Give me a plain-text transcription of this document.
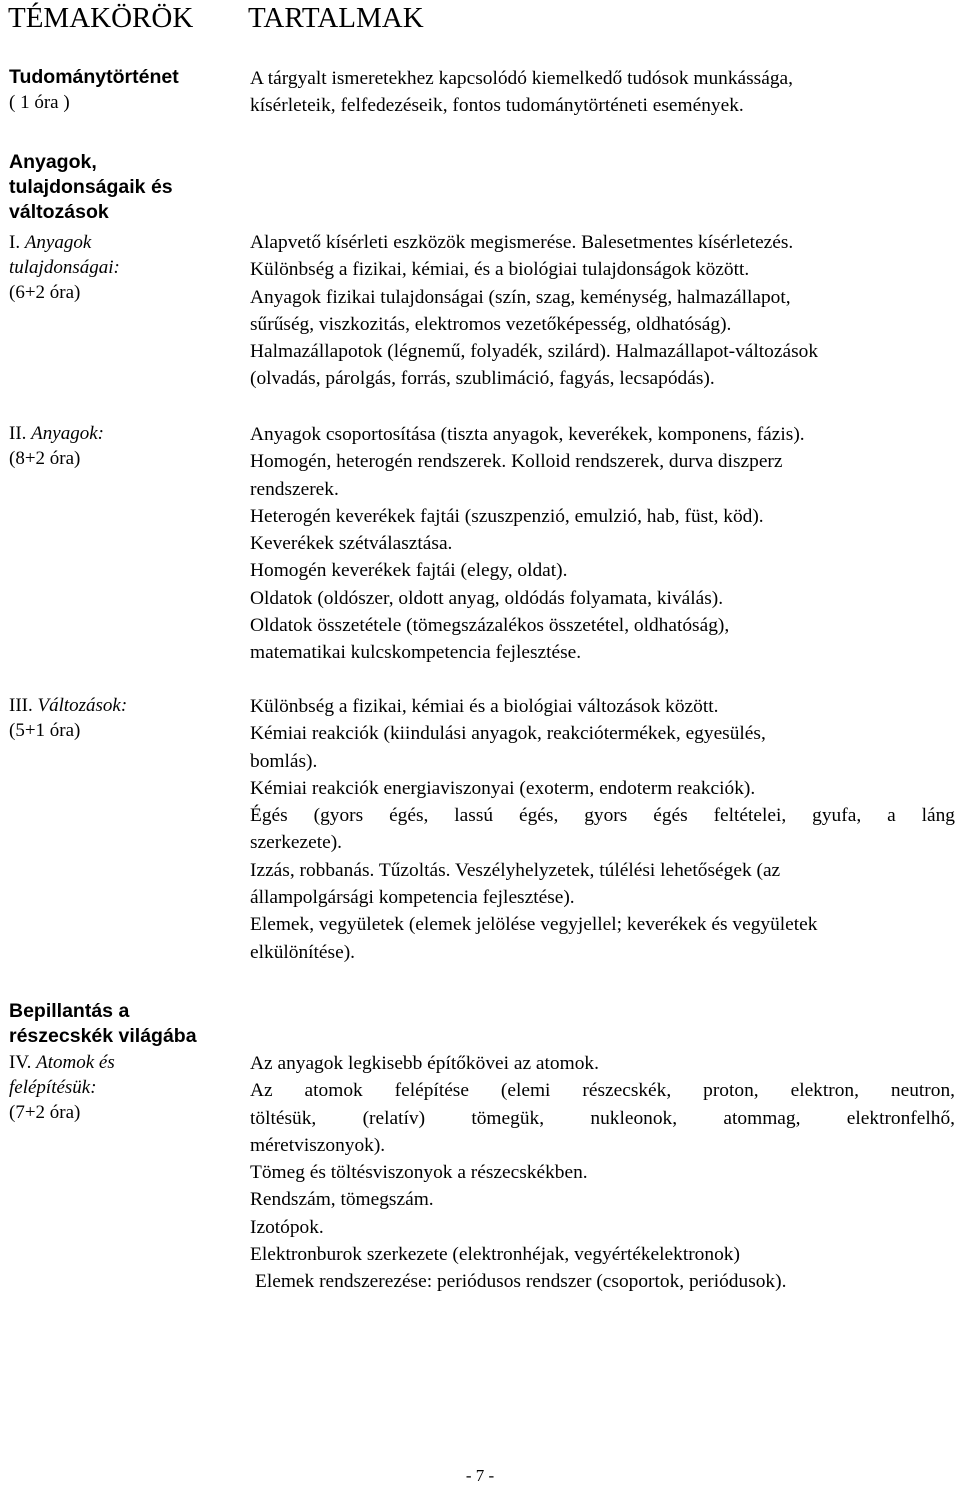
TÉMAKÖRÖK TARTALMAK
Tudománytörténet
( 1 óra )
Anyagok,
tulajdonságaik és
változások
I. Anyagok
tulajdonságai:
(6+2 óra)
II. Anyagok:
(8+2 óra)
III. Változások:
(5+1 óra)
Bepillantás a
részecskék világába
IV. Atomok és
felépítésük:
(7+2 óra)
A tárgyalt ismeretekhez kapcsolódó kiemelkedő tudósok munkássága,
kísérleteik, felfedezéseik, fontos tudománytörténeti események.
Alapvető kísérleti eszközök megismerése. Balesetmentes kísérletezés.
Különbség a fizikai, kémiai, és a biológiai tulajdonságok között.
Anyagok fizikai tulajdonságai (szín, szag, keménység, halmazállapot,
sűrűség, viszkozitás, elektromos vezetőképesség, oldhatóság).
Halmazállapotok (légnemű, folyadék, szilárd). Halmazállapot-változások
(olvadás, párolgás, forrás, szublimáció, fagyás, lecsapódás).
Anyagok csoportosítása (tiszta anyagok, keverékek, komponens, fázis).
Homogén, heterogén rendszerek. Kolloid rendszerek, durva diszperz
rendszerek.
Heterogén keverékek fajtái (szuszpenzió, emulzió, hab, füst, köd).
Keverékek szétválasztása.
Homogén keverékek fajtái (elegy, oldat).
Oldatok (oldószer, oldott anyag, oldódás folyamata, kiválás).
Oldatok összetétele (tömegszázalékos összetétel, oldhatóság),
matematikai kulcskompetencia fejlesztése.
Különbség a fizikai, kémiai és a biológiai változások között.
Kémiai reakciók (kiindulási anyagok, reakciótermékek, egyesülés,
bomlás).
Kémiai reakciók energiaviszonyai (exoterm, endoterm reakciók).
Égés (gyors égés, lassú égés, gyors égés feltételei, gyufa, a láng
szerkezete).
Izzás, robbanás. Tűzoltás. Veszélyhelyzetek, túlélési lehetőségek (az
állampolgársági kompetencia fejlesztése).
Elemek, vegyületek (elemek jelölése vegyjellel; keverékek és vegyületek
elkülönítése).
Az anyagok legkisebb építőkövei az atomok.
Az atomok felépítése (elemi részecskék, proton, elektron, neutron,
töltésük, (relatív) tömegük, nukleonok, atommag, elektronfelhő,
méretviszonyok).
Tömeg és töltésviszonyok a részecskékben.
Rendszám, tömegszám.
Izotópok.
Elektronburok szerkezete (elektronhéjak, vegyértékelektronok)
Elemek rendszerezése: periódusos rendszer (csoportok, periódusok).
- 7 -
